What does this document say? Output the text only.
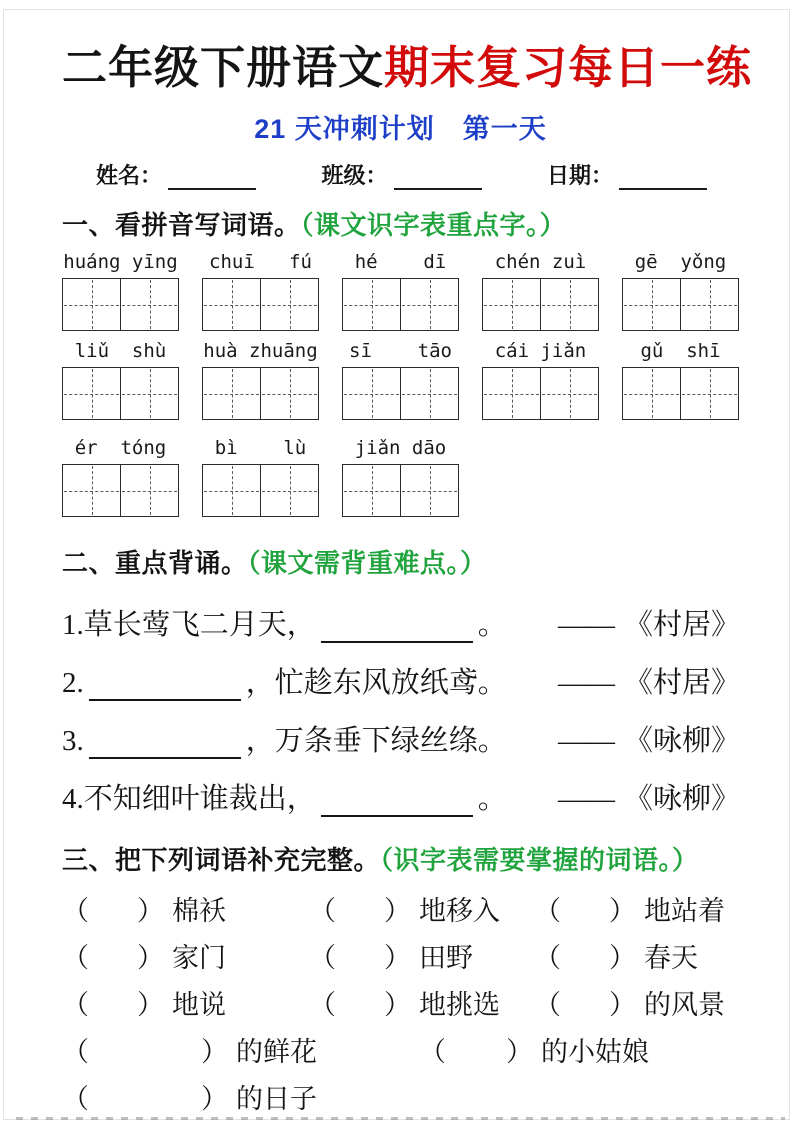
二年级下册语文期末复习每日一练
21 天冲刺计划　第一天
姓名：	班级：	日期：
一、看拼音写词语。（课文识字表重点字。）
huáng yīng	chuī   fú	hé    dī	chén zuì	gē  yǒng
liǔ  shù	huà zhuāng	sī    tāo	cái jiǎn	gǔ  shī
ér  tóng	bì    lù	jiǎn dāo
二、重点背诵。（课文需背重难点。）
1.草长莺飞二月天，	。 —— 《村居》
2.	，忙趁东风放纸鸢。 —— 《村居》
3.	，万条垂下绿丝绦。 —— 《咏柳》
4.不知细叶谁裁出，	。 —— 《咏柳》
三、把下列词语补充完整。（识字表需要掌握的词语。）
（ ） 棉袄	（ ） 地移入 （ ） 地站着
（ ） 家门	（ ） 田野 （ ） 春天
（ ） 地说	（ ） 地挑选 （ ） 的风景
（	） 的鲜花	（ ） 的小姑娘
（	） 的日子
